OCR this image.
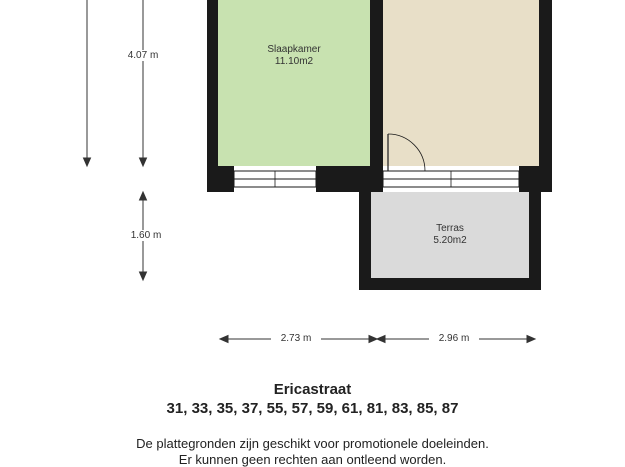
Slaapkamer
11.10m2
Terras
5.20m2
4.07 m
1.60 m
2.73 m	2.96 m
Ericastraat
31, 33, 35, 37, 55, 57, 59, 61, 81, 83, 85, 87
De plattegronden zijn geschikt voor promotionele doeleinden.
Er kunnen geen rechten aan ontleend worden.
